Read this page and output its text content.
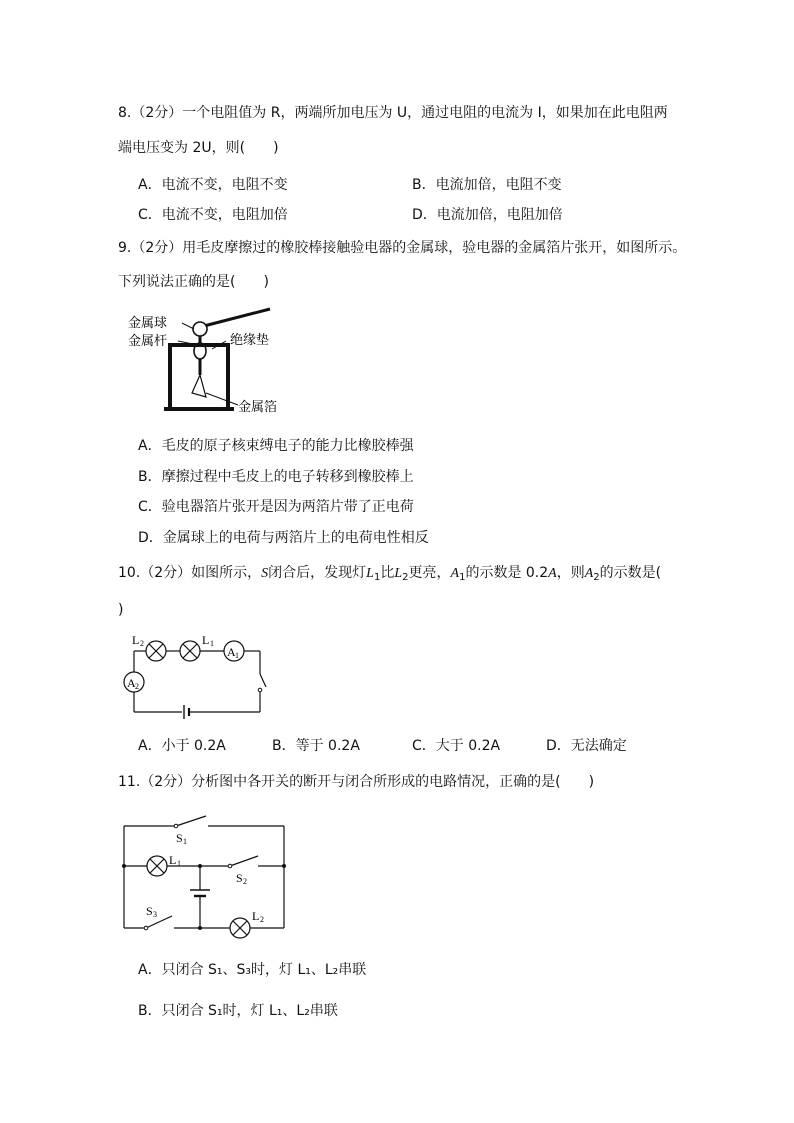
8.（2分）一个电阻值为 R，两端所加电压为 U，通过电阻的电流为 I，如果加在此电阻两
端电压变为 2U，则(　　)
A．电流不变，电阻不变	B．电流加倍，电阻不变
C．电流不变，电阻加倍	D．电流加倍，电阻加倍
9.（2分）用毛皮摩擦过的橡胶棒接触验电器的金属球，验电器的金属箔片张开，如图所示。
下列说法正确的是(　　)
金属球
金属杆	绝缘垫
金属箔
A．毛皮的原子核束缚电子的能力比橡胶棒强
B．摩擦过程中毛皮上的电子转移到橡胶棒上
C．验电器箔片张开是因为两箔片带了正电荷
D．金属球上的电荷与两箔片上的电荷电性相反
10.（2分）如图所示，S闭合后，发现灯$L_1$比$L_2$更亮，$A_1$的示数是 0.2A，则$A_2$的示数是(
)
A 1
A 2
L 2	L 1
A．小于 0.2A	B．等于 0.2A	C．大于 0.2A	D．无法确定
11.（2分）分析图中各开关的断开与闭合所形成的电路情况，正确的是(　　)
S 1
L 1
S 2
S 3	L 2
A．只闭合 S₁、S₃时，灯 L₁、L₂串联
B．只闭合 S₁时，灯 L₁、L₂串联
